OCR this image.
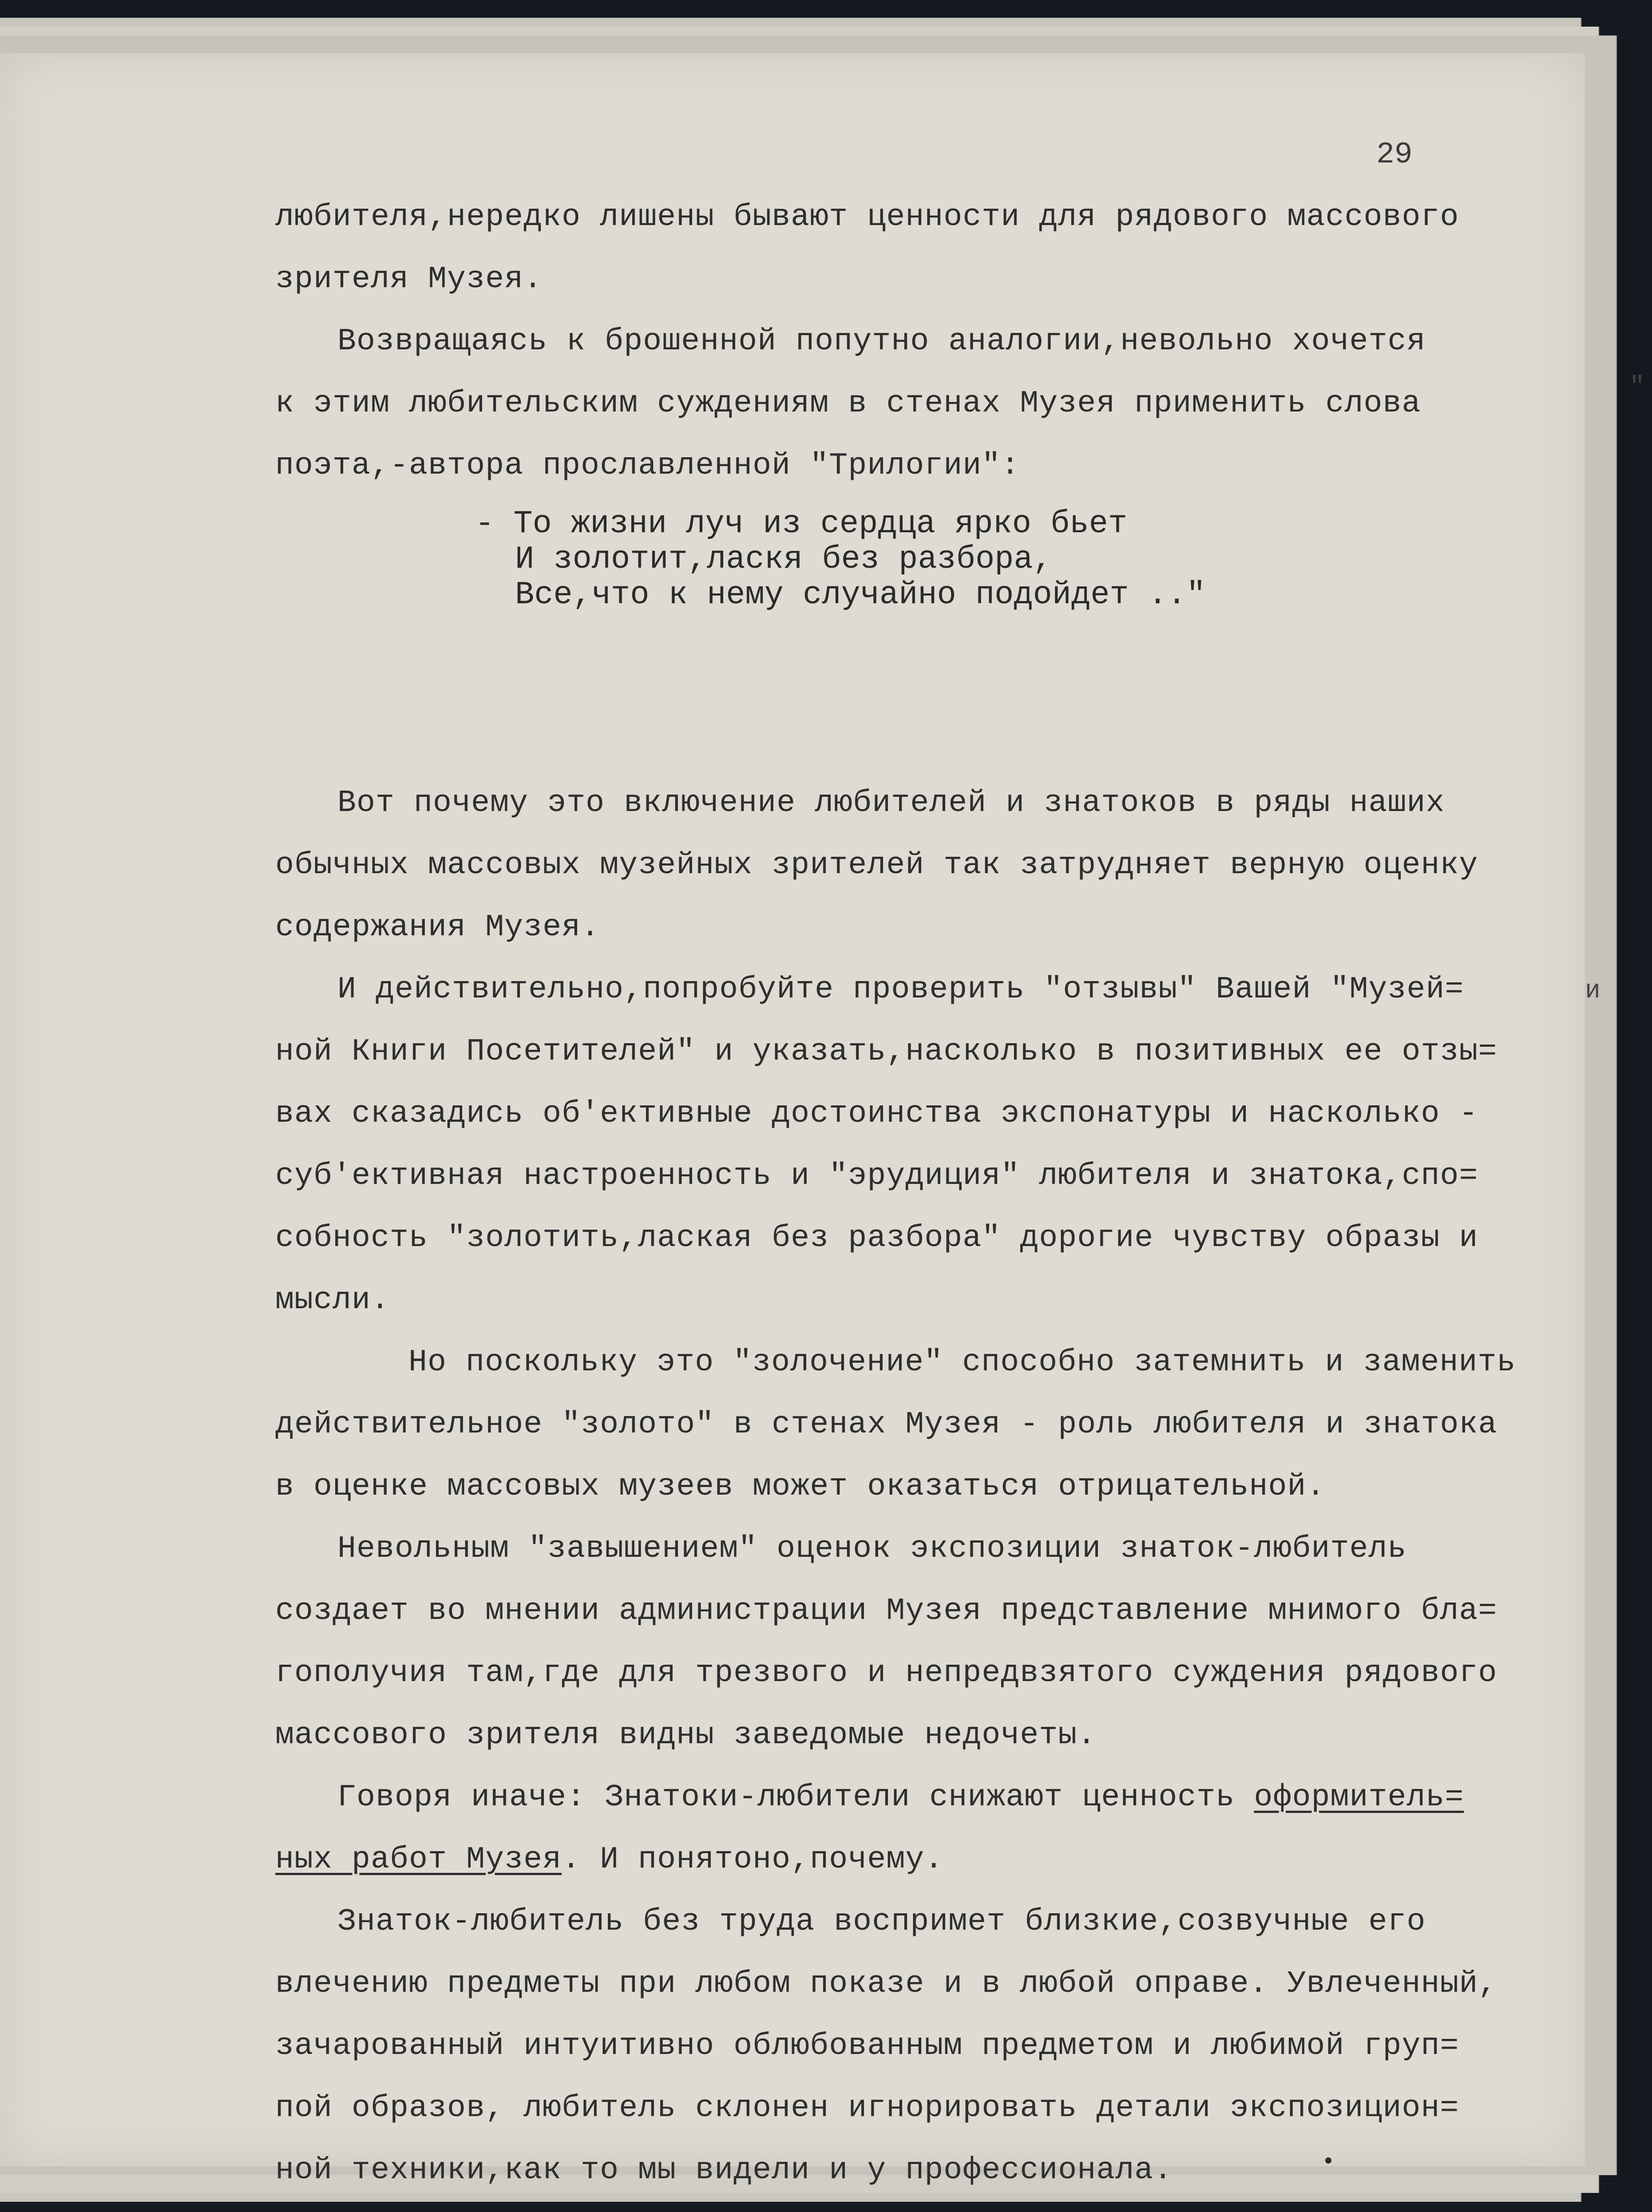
29
любителя,нередко лишены бывают ценности для рядового массового
зрителя Музея.
Возвращаясь к брошенной попутно аналогии,невольно хочется
к этим любительским суждениям в стенах Музея применить слова
поэта,-автора прославленной "Трилогии":
Вот почему это включение любителей и знатоков в ряды наших
обычных массовых музейных зрителей так затрудняет верную оценку
содержания Музея.
И действительно,попробуйте проверить "отзывы" Вашей "Музей=
ной Книги Посетителей" и указать,насколько в позитивных ее отзы=
вах сказадись об'ективные достоинства экспонатуры и насколько -
суб'ективная настроенность и "эрудиция" любителя и знатока,спо=
собность "золотить,лаская без разбора" дорогие чувству образы и
мысли.
Но поскольку это "золочение" способно затемнить и заменить
действительное "золото" в стенах Музея - роль любителя и знатока
в оценке массовых музеев может оказаться отрицательной.
Невольным "завышением" оценок экспозиции знаток-любитель
создает во мнении администрации Музея представление мнимого бла=
гополучия там,где для трезвого и непредвзятого суждения рядового
массового зрителя видны заведомые недочеты.
Говоря иначе: Знатоки-любители снижают ценность оформитель=
ных работ Музея. И понятоно,почему.
Знаток-любитель без труда воспримет близкие,созвучные его
влечению предметы при любом показе и в любой оправе. Увлеченный,
зачарованный интуитивно облюбованным предметом и любимой груп=
пой образов, любитель склонен игнорировать детали экспозицион=
ной техники,как то мы видели и у профессионала.
- То жизни луч из сердца ярко бьет
И золотит,ласкя без разбора,
Все,что к нему случайно подойдет .."
"
и
